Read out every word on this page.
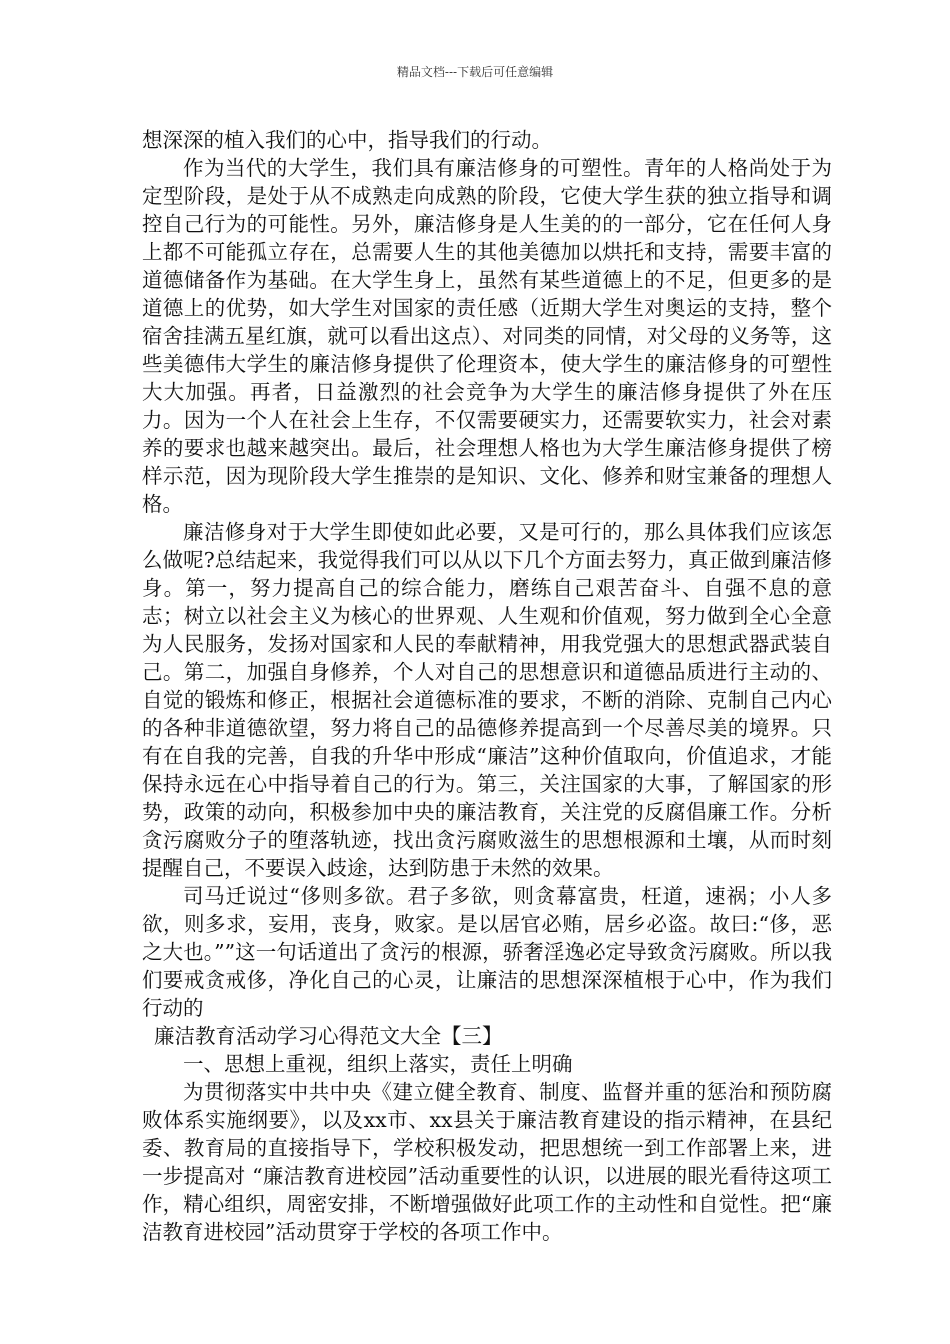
精品文档---下载后可任意编辑

想深深的植入我们的心中，指导我们的行动。

作为当代的大学生，我们具有廉洁修身的可塑性。青年的人格尚处于为定型阶段，是处于从不成熟走向成熟的阶段，它使大学生获的独立指导和调控自己行为的可能性。另外，廉洁修身是人生美的的一部分，它在任何人身上都不可能孤立存在，总需要人生的其他美德加以烘托和支持，需要丰富的道德储备作为基础。在大学生身上，虽然有某些道德上的不足，但更多的是道德上的优势，如大学生对国家的责任感（近期大学生对奥运的支持，整个宿舍挂满五星红旗，就可以看出这点）、对同类的同情，对父母的义务等，这些美德伟大学生的廉洁修身提供了伦理资本，使大学生的廉洁修身的可塑性大大加强。再者，日益激烈的社会竞争为大学生的廉洁修身提供了外在压力。因为一个人在社会上生存，不仅需要硬实力，还需要软实力，社会对素养的要求也越来越突出。最后，社会理想人格也为大学生廉洁修身提供了榜样示范，因为现阶段大学生推崇的是知识、文化、修养和财宝兼备的理想人格。

廉洁修身对于大学生即使如此必要，又是可行的，那么具体我们应该怎么做呢?总结起来，我觉得我们可以从以下几个方面去努力，真正做到廉洁修身。第一，努力提高自己的综合能力，磨练自己艰苦奋斗、自强不息的意志；树立以社会主义为核心的世界观、人生观和价值观，努力做到全心全意为人民服务，发扬对国家和人民的奉献精神，用我党强大的思想武器武装自己。第二，加强自身修养，个人对自己的思想意识和道德品质进行主动的、自觉的锻炼和修正，根据社会道德标准的要求，不断的消除、克制自己内心的各种非道德欲望，努力将自己的品德修养提高到一个尽善尽美的境界。只有在自我的完善，自我的升华中形成“廉洁”这种价值取向，价值追求，才能保持永远在心中指导着自己的行为。第三，关注国家的大事，了解国家的形势，政策的动向，积极参加中央的廉洁教育，关注党的反腐倡廉工作。分析贪污腐败分子的堕落轨迹，找出贪污腐败滋生的思想根源和土壤，从而时刻提醒自己，不要误入歧途，达到防患于未然的效果。

司马迁说过“侈则多欲。君子多欲，则贪幕富贵，枉道，速祸；小人多欲，则多求，妄用，丧身，败家。是以居官必贿，居乡必盗。故曰:“侈，恶之大也。””这一句话道出了贪污的根源，骄奢淫逸必定导致贪污腐败。所以我们要戒贪戒侈，净化自己的心灵，让廉洁的思想深深植根于心中，作为我们行动的

廉洁教育活动学习心得范文大全【三】

一、思想上重视，组织上落实，责任上明确

为贯彻落实中共中央《建立健全教育、制度、监督并重的惩治和预防腐败体系实施纲要》，以及xx市、xx县关于廉洁教育建设的指示精神，在县纪委、教育局的直接指导下，学校积极发动，把思想统一到工作部署上来，进一步提高对 “廉洁教育进校园”活动重要性的认识，以进展的眼光看待这项工作，精心组织，周密安排，不断增强做好此项工作的主动性和自觉性。把“廉洁教育进校园”活动贯穿于学校的各项工作中。
